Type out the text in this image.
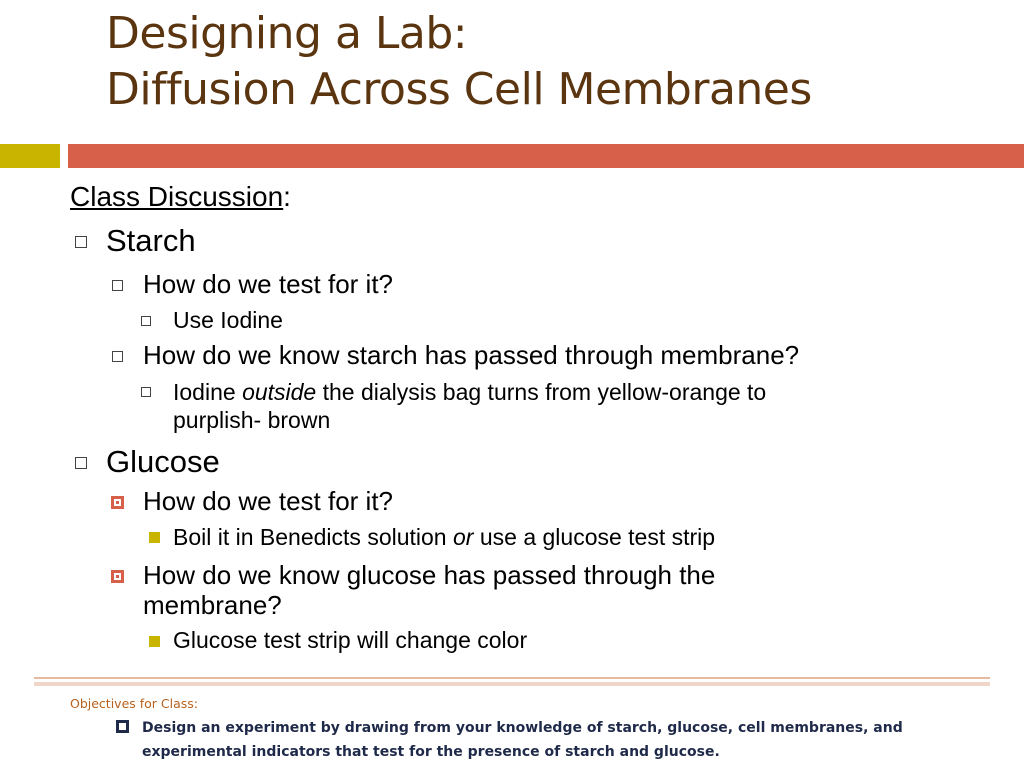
Designing a Lab:
Diffusion Across Cell Membranes
Class Discussion:
Starch
How do we test for it?
Use Iodine
How do we know starch has passed through membrane?
Iodine outside the dialysis bag turns from yellow-orange to
purplish- brown
Glucose
How do we test for it?
Boil it in Benedicts solution or use a glucose test strip
How do we know glucose has passed through the
membrane?
Glucose test strip will change color
Objectives for Class:
Design an experiment by drawing from your knowledge of starch, glucose, cell membranes, and experimental indicators that test for the presence of starch and glucose.
